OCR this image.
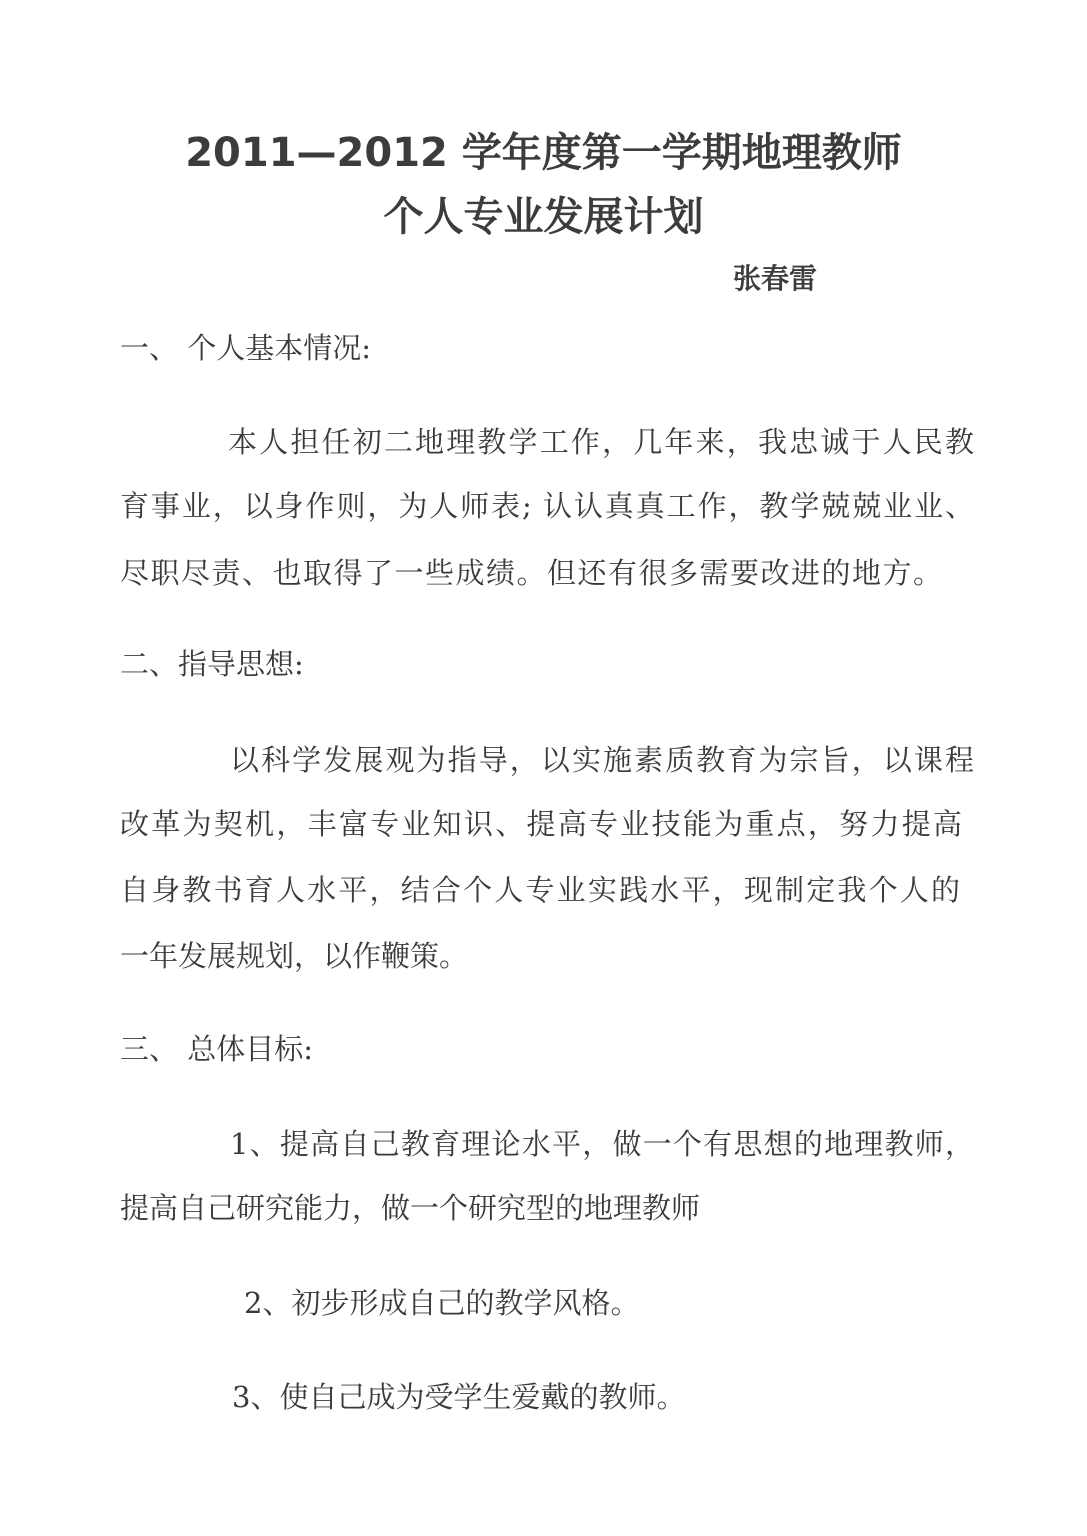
2011—2012 学年度第一学期地理教师
个人专业发展计划
张春雷
一、 个人基本情况:
本人担任初二地理教学工作，几年来，我忠诚于人民教
育事业，以身作则，为人师表; 认认真真工作，教学兢兢业业、
尽职尽责、也取得了一些成绩。但还有很多需要改进的地方。
二、指导思想:
以科学发展观为指导，以实施素质教育为宗旨，以课程
改革为契机，丰富专业知识、提高专业技能为重点，努力提高
自身教书育人水平，结合个人专业实践水平，现制定我个人的
一年发展规划，以作鞭策。
三、 总体目标:
1、提高自己教育理论水平，做一个有思想的地理教师，
提高自己研究能力，做一个研究型的地理教师
2、初步形成自己的教学风格。
3、使自己成为受学生爱戴的教师。
